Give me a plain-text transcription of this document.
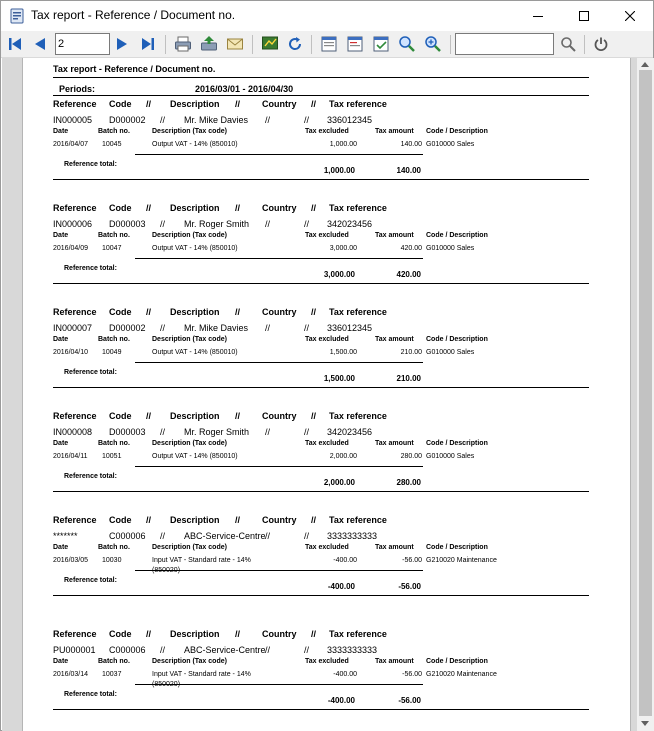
Tax report - Reference / Document no.
2
Tax report - Reference / Document no.
Periods:	2016/03/01 - 2016/04/30
Reference Code // Description // Country // Tax reference
IN000005 D000002 // Mr. Mike Davies //	// 336012345
Date	Batch no.	Description (Tax code)	Tax excluded	Tax amount Code / Description
2016/04/07 10045	Output VAT - 14% (850010)	1,000.00	140.00 G010000 Sales
Reference total:
1,000.00	140.00
Reference Code // Description // Country // Tax reference
IN000006 D000003 // Mr. Roger Smith //	// 342023456
Date	Batch no.	Description (Tax code)	Tax excluded	Tax amount Code / Description
2016/04/09 10047	Output VAT - 14% (850010)	3,000.00	420.00 G010000 Sales
Reference total:
3,000.00	420.00
Reference Code // Description // Country // Tax reference
IN000007 D000002 // Mr. Mike Davies //	// 336012345
Date	Batch no.	Description (Tax code)	Tax excluded	Tax amount Code / Description
2016/04/10 10049	Output VAT - 14% (850010)	1,500.00	210.00 G010000 Sales
Reference total:
1,500.00	210.00
Reference Code // Description // Country // Tax reference
IN000008 D000003 // Mr. Roger Smith //	// 342023456
Date	Batch no.	Description (Tax code)	Tax excluded	Tax amount Code / Description
2016/04/11 10051	Output VAT - 14% (850010)	2,000.00	280.00 G010000 Sales
Reference total:
2,000.00	280.00
Reference Code // Description // Country // Tax reference
*******	C000006 // ABC-Service-Centre //	// 3333333333
Date	Batch no.	Description (Tax code)	Tax excluded	Tax amount Code / Description
2016/03/05 10030	Input VAT - Standard rate - 14%	-400.00	-56.00 G210020 Maintenance
Reference total:
-400.00	-56.00
Reference Code // Description // Country // Tax reference
PU000001 C000006 // ABC-Service-Centre //	// 3333333333
Date	Batch no.	Description (Tax code)	Tax excluded	Tax amount Code / Description
2016/03/14 10037	Input VAT - Standard rate - 14%	-400.00	-56.00 G210020 Maintenance
Reference total:
-400.00	-56.00
